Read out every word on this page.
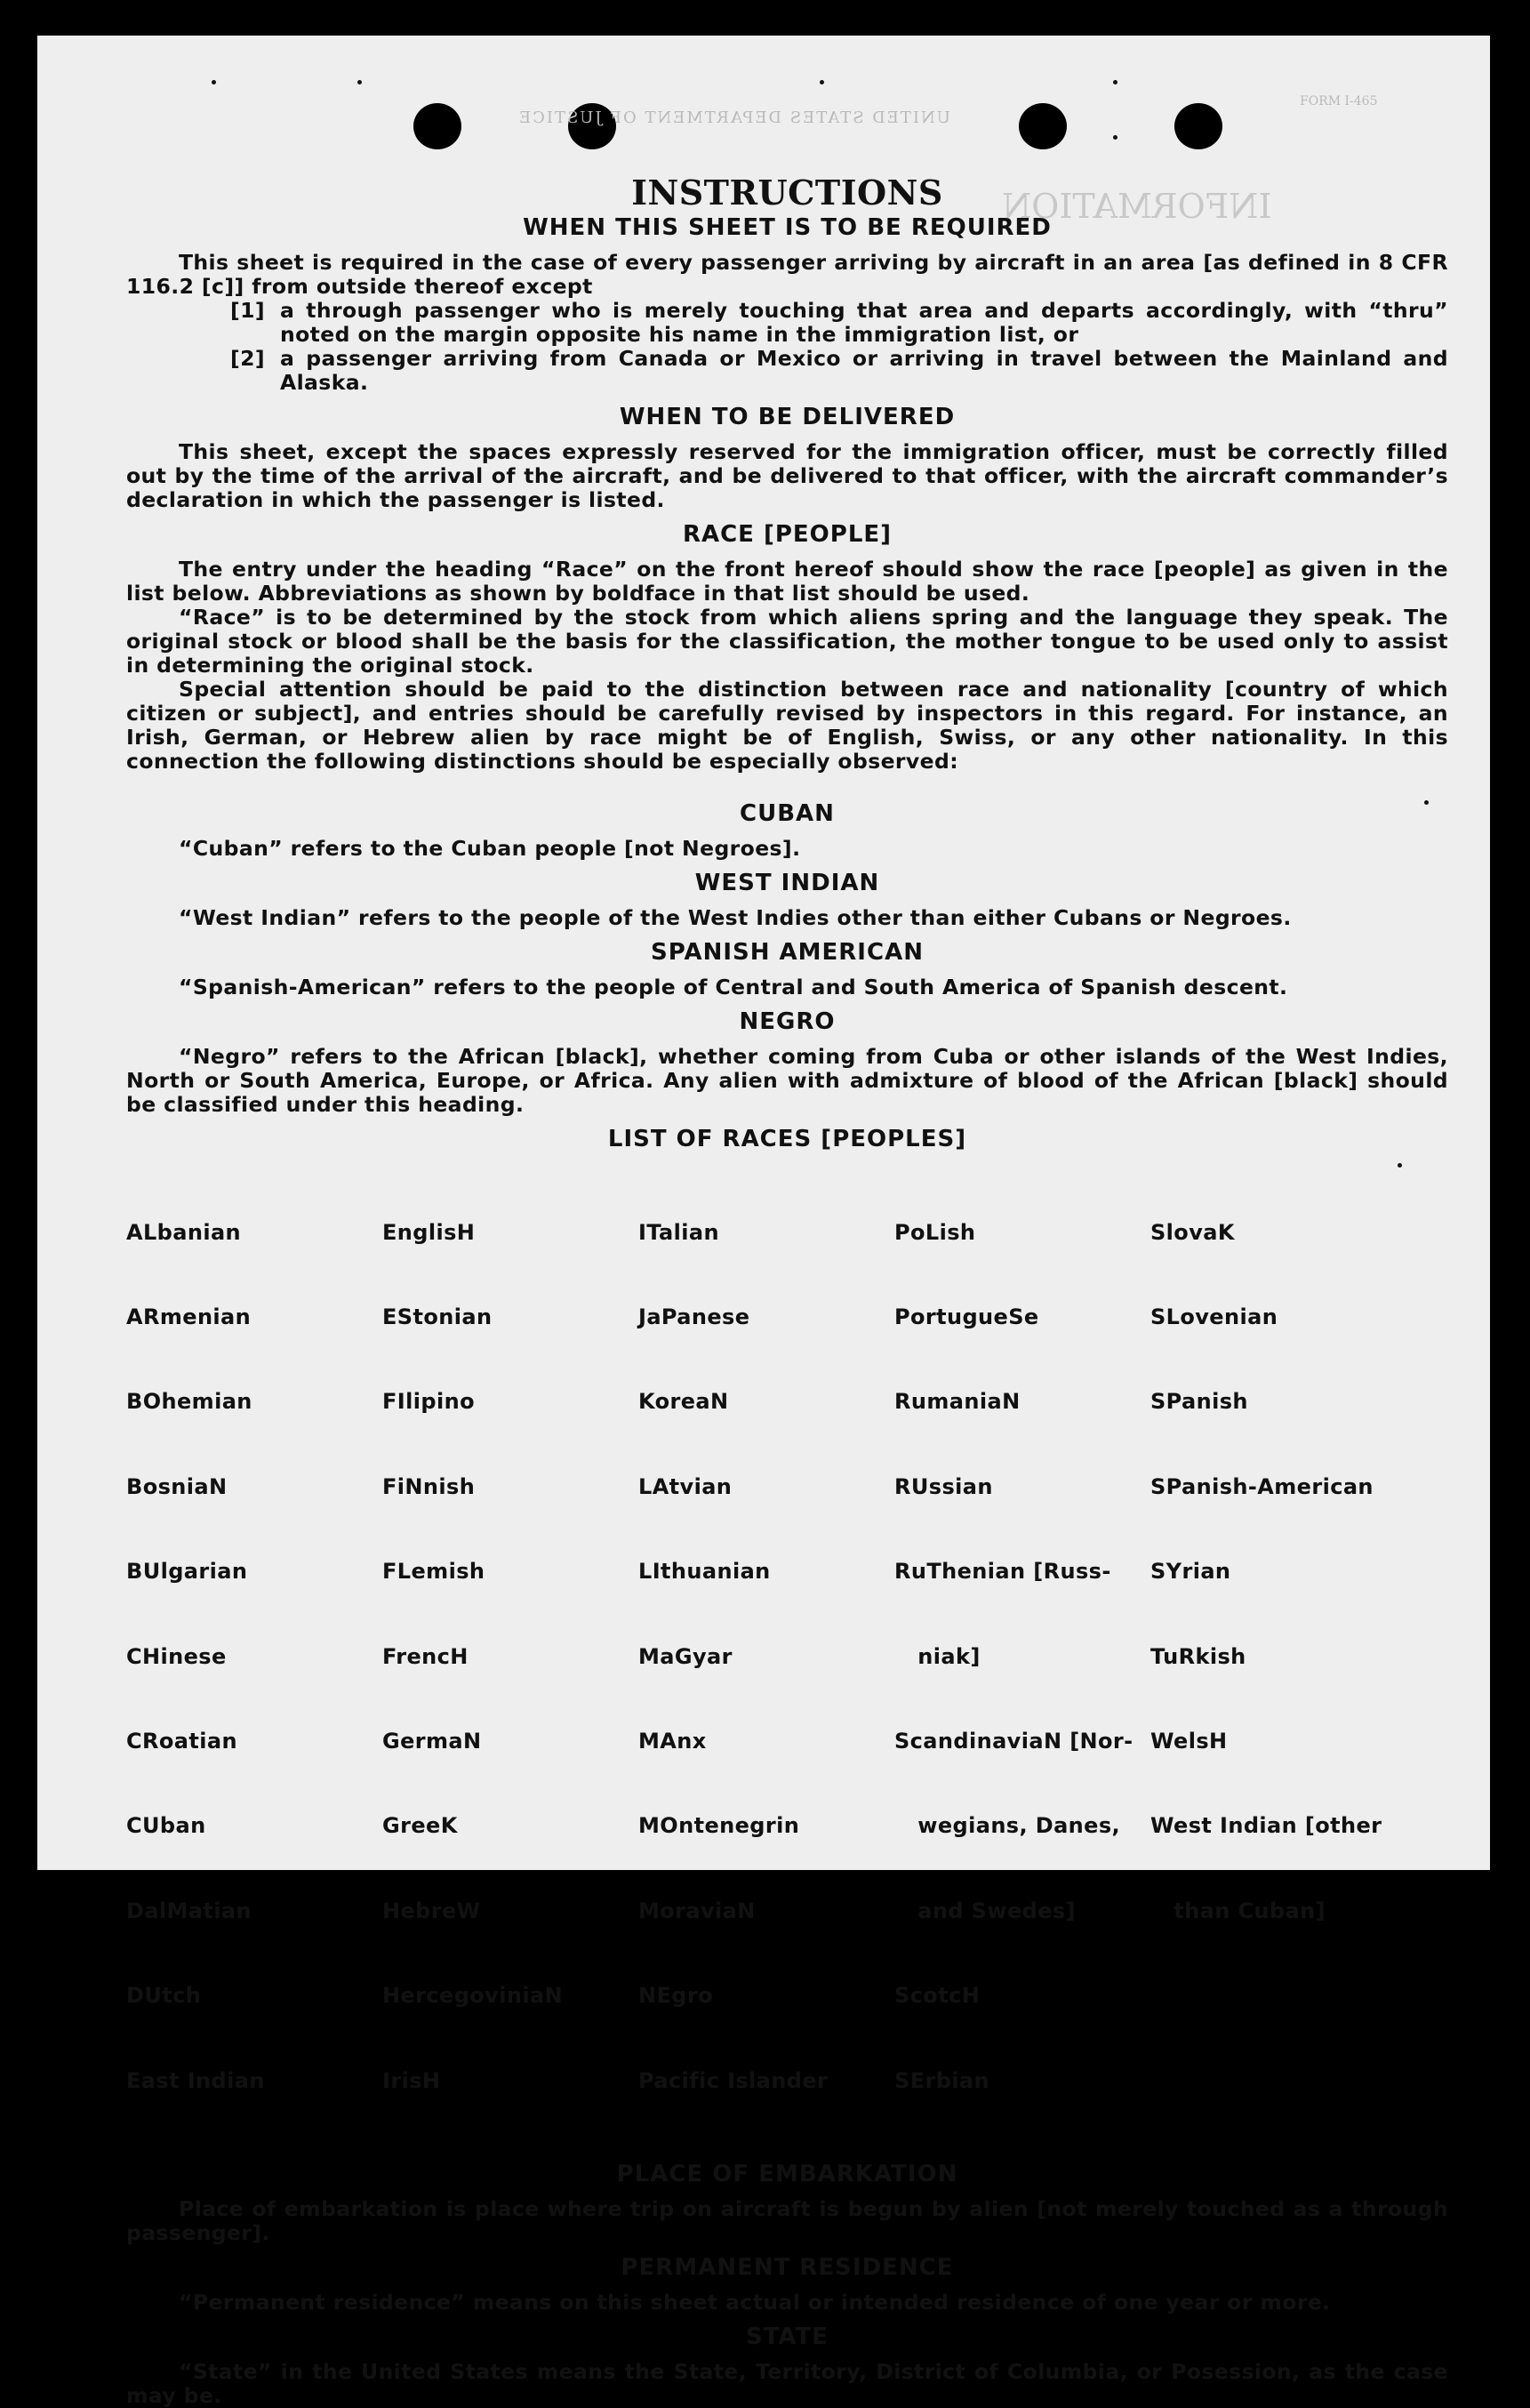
FORM I-465
UNITED STATES DEPARTMENT OF JUSTICE
INFORMATION
INSTRUCTIONS
WHEN THIS SHEET IS TO BE REQUIRED

This sheet is required in the case of every passenger arriving by aircraft in an area [as defined in 8 CFR 116.2 [c]] from outside thereof except

[1] a through passenger who is merely touching that area and departs accordingly, with “thru” noted on the margin opposite his name in the immigration list, or
[2] a passenger arriving from Canada or Mexico or arriving in travel between the Mainland and Alaska.
WHEN TO BE DELIVERED

This sheet, except the spaces expressly reserved for the immigration officer, must be correctly filled out by the time of the arrival of the aircraft, and be delivered to that officer, with the aircraft commander’s declaration in which the passenger is listed.

RACE [PEOPLE]

The entry under the heading “Race” on the front hereof should show the race [people] as given in the list below. Abbreviations as shown by boldface in that list should be used.

“Race” is to be determined by the stock from which aliens spring and the language they speak. The original stock or blood shall be the basis for the classification, the mother tongue to be used only to assist in determining the original stock.

Special attention should be paid to the distinction between race and nationality [country of which citizen or subject], and entries should be carefully revised by inspectors in this regard. For instance, an Irish, German, or Hebrew alien by race might be of English, Swiss, or any other nationality. In this connection the following distinctions should be especially observed:

CUBAN

“Cuban” refers to the Cuban people [not Negroes].

WEST INDIAN

“West Indian” refers to the people of the West Indies other than either Cubans or Negroes.

SPANISH AMERICAN

“Spanish-American” refers to the people of Central and South America of Spanish descent.

NEGRO

“Negro” refers to the African [black], whether coming from Cuba or other islands of the West Indies, North or South America, Europe, or Africa. Any alien with admixture of blood of the African [black] should be classified under this heading.

LIST OF RACES [PEOPLES]

ALbanian

ARmenian

BOhemian

BosniaN

BUlgarian

CHinese

CRoatian

CUban

DalMatian

DUtch

East Indian

EnglisH

EStonian

FIlipino

FiNnish

FLemish

FrencH

GermaN

GreeK

HebreW

HercegoviniaN

IrisH

ITalian

JaPanese

KoreaN

LAtvian

LIthuanian

MaGyar

MAnx

MOntenegrin

MoraviaN

NEgro

Pacific Islander

PoLish

PortugueSe

RumaniaN

RUssian

RuThenian [Russ-

niak]

ScandinaviaN [Nor-

wegians, Danes,

and Swedes]

ScotcH

SErbian

SlovaK

SLovenian

SPanish

SPanish-American

SYrian

TuRkish

WelsH

West Indian [other

than Cuban]

PLACE OF EMBARKATION

Place of embarkation is place where trip on aircraft is begun by alien [not merely touched as a through passenger].

PERMANENT RESIDENCE

“Permanent residence” means on this sheet actual or intended residence of one year or more.

STATE

“State” in the United States means the State, Territory, District of Columbia, or Posession, as the case may be.
